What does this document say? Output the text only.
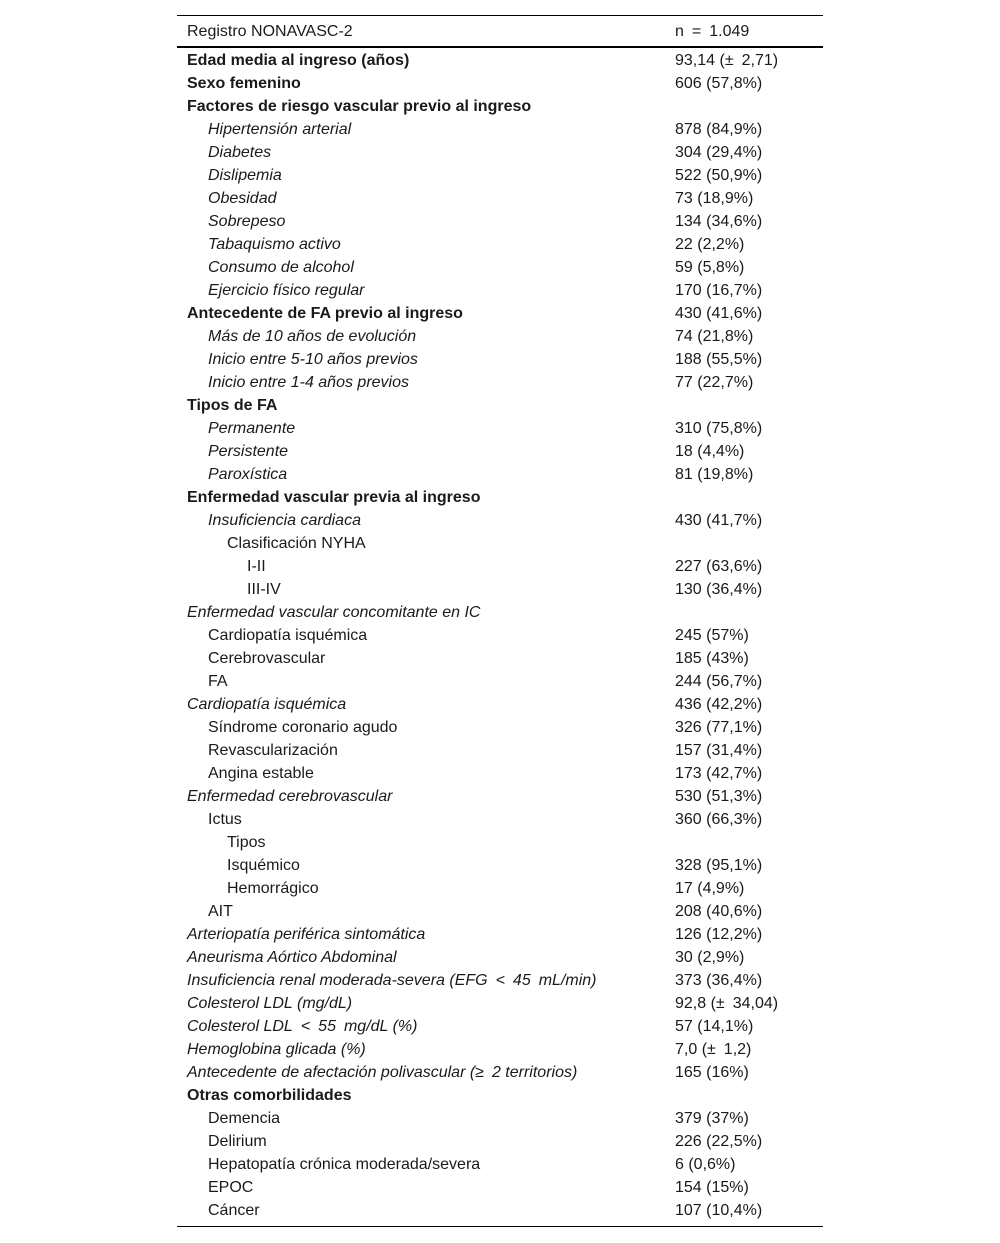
Registro NONAVASC-2	n = 1.049
Edad media al ingreso (años)	93,14 (± 2,71)
Sexo femenino	606 (57,8%)
Factores de riesgo vascular previo al ingreso
Hipertensión arterial	878 (84,9%)
Diabetes	304 (29,4%)
Dislipemia	522 (50,9%)
Obesidad	73 (18,9%)
Sobrepeso	134 (34,6%)
Tabaquismo activo	22 (2,2%)
Consumo de alcohol	59 (5,8%)
Ejercicio físico regular	170 (16,7%)
Antecedente de FA previo al ingreso	430 (41,6%)
Más de 10 años de evolución	74 (21,8%)
Inicio entre 5-10 años previos	188 (55,5%)
Inicio entre 1-4 años previos	77 (22,7%)
Tipos de FA
Permanente	310 (75,8%)
Persistente	18 (4,4%)
Paroxística	81 (19,8%)
Enfermedad vascular previa al ingreso
Insuficiencia cardiaca	430 (41,7%)
Clasificación NYHA
I-II	227 (63,6%)
III-IV	130 (36,4%)
Enfermedad vascular concomitante en IC
Cardiopatía isquémica	245 (57%)
Cerebrovascular	185 (43%)
FA	244 (56,7%)
Cardiopatía isquémica	436 (42,2%)
Síndrome coronario agudo	326 (77,1%)
Revascularización	157 (31,4%)
Angina estable	173 (42,7%)
Enfermedad cerebrovascular	530 (51,3%)
Ictus	360 (66,3%)
Tipos
Isquémico	328 (95,1%)
Hemorrágico	17 (4,9%)
AIT	208 (40,6%)
Arteriopatía periférica sintomática	126 (12,2%)
Aneurisma Aórtico Abdominal	30 (2,9%)
Insuficiencia renal moderada-severa (EFG < 45 mL/min)	373 (36,4%)
Colesterol LDL (mg/dL)	92,8 (± 34,04)
Colesterol LDL < 55 mg/dL (%)	57 (14,1%)
Hemoglobina glicada (%)	7,0 (± 1,2)
Antecedente de afectación polivascular (≥ 2 territorios)	165 (16%)
Otras comorbilidades
Demencia	379 (37%)
Delirium	226 (22,5%)
Hepatopatía crónica moderada/severa	6 (0,6%)
EPOC	154 (15%)
Cáncer	107 (10,4%)
